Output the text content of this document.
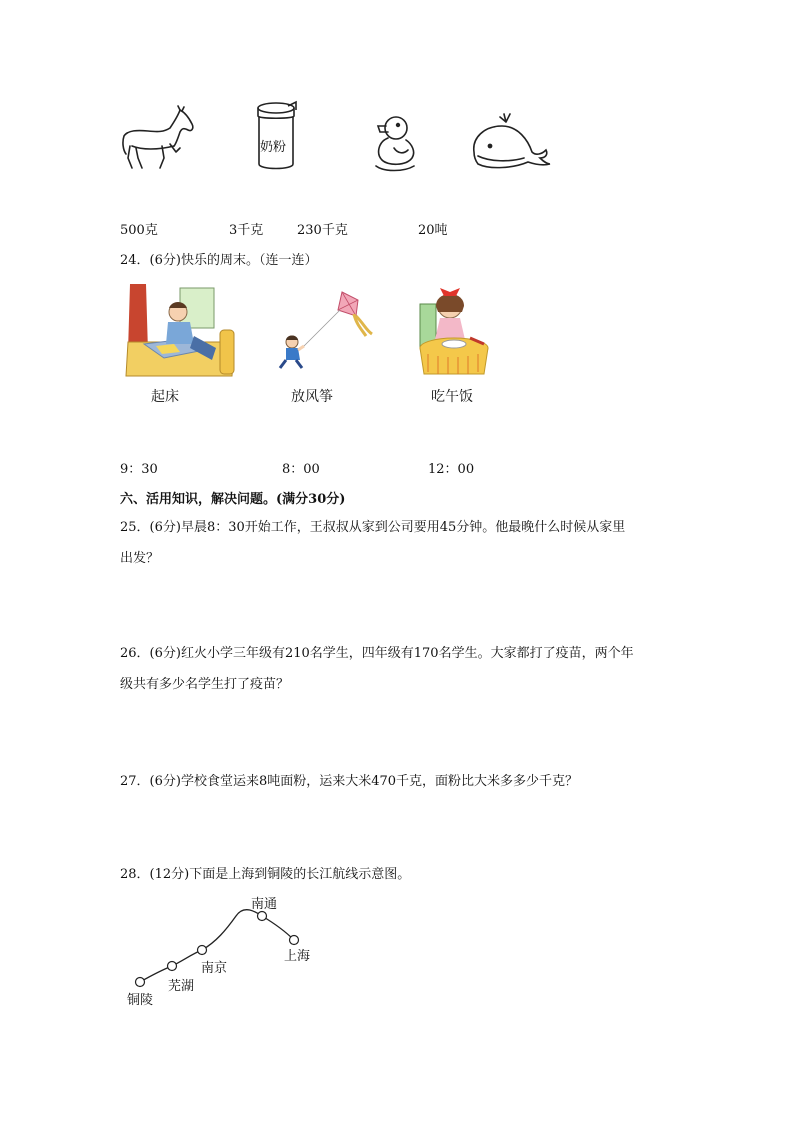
奶粉
500克	3千克	230千克	20吨
24．(6分)快乐的周末。（连一连）
起床	放风筝	吃午饭
9：30	8：00	12：00
六、活用知识，解决问题。(满分30分)
25．(6分)早晨8：30开始工作，王叔叔从家到公司要用45分钟。他最晚什么时候从家里
出发？
26．(6分)红火小学三年级有210名学生，四年级有170名学生。大家都打了疫苗，两个年
级共有多少名学生打了疫苗？
27．(6分)学校食堂运来8吨面粉，运来大米470千克，面粉比大米多多少千克？
28．(12分)下面是上海到铜陵的长江航线示意图。
南通
上海
南京
芜湖
铜陵
